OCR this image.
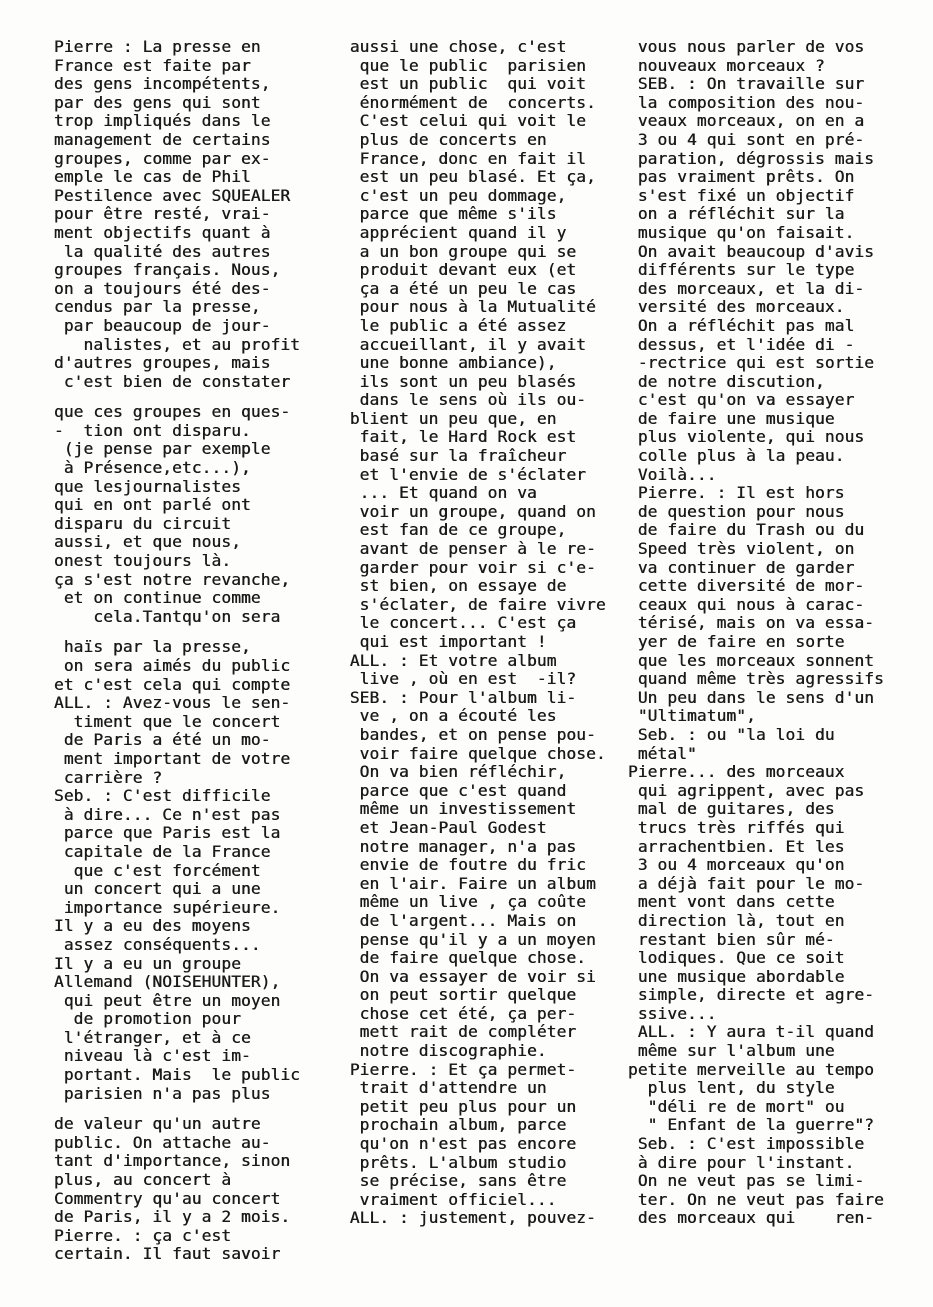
Pierre : La presse en
France est faite par
des gens incompétents,
par des gens qui sont
trop impliqués dans le
management de certains
groupes, comme par ex-
emple le cas de Phil
Pestilence avec SQUEALER
pour être resté, vrai-
ment objectifs quant à
la qualité des autres
groupes français. Nous,
on a toujours été des-
cendus par la presse,
par beaucoup de jour-
nalistes, et au profit
d'autres groupes, mais
c'est bien de constater
que ces groupes en ques-
-  tion ont disparu.
(je pense par exemple
à Présence,etc...),
que lesjournalistes
qui en ont parlé ont
disparu du circuit
aussi, et que nous,
onest toujours là.
ça s'est notre revanche,
et on continue comme
cela.Tantqu'on sera
haïs par la presse,
on sera aimés du public
et c'est cela qui compte
ALL. : Avez-vous le sen-
timent que le concert
de Paris a été un mo-
ment important de votre
carrière ?
Seb. : C'est difficile
à dire... Ce n'est pas
parce que Paris est la
capitale de la France
que c'est forcément
un concert qui a une
importance supérieure.
Il y a eu des moyens
assez conséquents...
Il y a eu un groupe
Allemand (NOISEHUNTER),
qui peut être un moyen
de promotion pour
l'étranger, et à ce
niveau là c'est im-
portant. Mais  le public
parisien n'a pas plus
de valeur qu'un autre
public. On attache au-
tant d'importance, sinon
plus, au concert à
Commentry qu'au concert
de Paris, il y a 2 mois.
Pierre. : ça c'est
certain. Il faut savoir
aussi une chose, c'est
que le public  parisien
est un public  qui voit
énormément de  concerts.
C'est celui qui voit le
plus de concerts en
France, donc en fait il
est un peu blasé. Et ça,
c'est un peu dommage,
parce que même s'ils
apprécient quand il y
a un bon groupe qui se
produit devant eux (et
ça a été un peu le cas
pour nous à la Mutualité
le public a été assez
accueillant, il y avait
une bonne ambiance),
ils sont un peu blasés
dans le sens où ils ou-
blient un peu que, en
fait, le Hard Rock est
basé sur la fraîcheur
et l'envie de s'éclater
... Et quand on va
voir un groupe, quand on
est fan de ce groupe,
avant de penser à le re-
garder pour voir si c'e-
st bien, on essaye de
s'éclater, de faire vivre
le concert... C'est ça
qui est important !
ALL. : Et votre album
live , où en est  -il?
SEB. : Pour l'album li-
ve , on a écouté les
bandes, et on pense pou-
voir faire quelque chose.
On va bien réfléchir,
parce que c'est quand
même un investissement
et Jean-Paul Godest
notre manager, n'a pas
envie de foutre du fric
en l'air. Faire un album
même un live , ça coûte
de l'argent... Mais on
pense qu'il y a un moyen
de faire quelque chose.
On va essayer de voir si
on peut sortir quelque
chose cet été, ça per-
mett rait de compléter
notre discographie.
Pierre. : Et ça permet-
trait d'attendre un
petit peu plus pour un
prochain album, parce
qu'on n'est pas encore
prêts. L'album studio
se précise, sans être
vraiment officiel...
ALL. : justement, pouvez-
vous nous parler de vos
nouveaux morceaux ?
SEB. : On travaille sur
la composition des nou-
veaux morceaux, on en a
3 ou 4 qui sont en pré-
paration, dégrossis mais
pas vraiment prêts. On
s'est fixé un objectif
on a réfléchit sur la
musique qu'on faisait.
On avait beaucoup d'avis
différents sur le type
des morceaux, et la di-
versité des morceaux.
On a réfléchit pas mal
dessus, et l'idée di -
-rectrice qui est sortie
de notre discution,
c'est qu'on va essayer
de faire une musique
plus violente, qui nous
colle plus à la peau.
Voilà...
Pierre. : Il est hors
de question pour nous
de faire du Trash ou du
Speed très violent, on
va continuer de garder
cette diversité de mor-
ceaux qui nous à carac-
térisé, mais on va essa-
yer de faire en sorte
que les morceaux sonnent
quand même très agressifs
Un peu dans le sens d'un
"Ultimatum",
Seb. : ou "la loi du
métal"
Pierre... des morceaux
qui agrippent, avec pas
mal de guitares, des
trucs très riffés qui
arrachentbien. Et les
3 ou 4 morceaux qu'on
a déjà fait pour le mo-
ment vont dans cette
direction là, tout en
restant bien sûr mé-
lodiques. Que ce soit
une musique abordable
simple, directe et agre-
ssive...
ALL. : Y aura t-il quand
même sur l'album une
petite merveille au tempo
plus lent, du style
"déli re de mort" ou
" Enfant de la guerre"?
Seb. : C'est impossible
à dire pour l'instant.
On ne veut pas se limi-
ter. On ne veut pas faire
des morceaux qui    ren-
